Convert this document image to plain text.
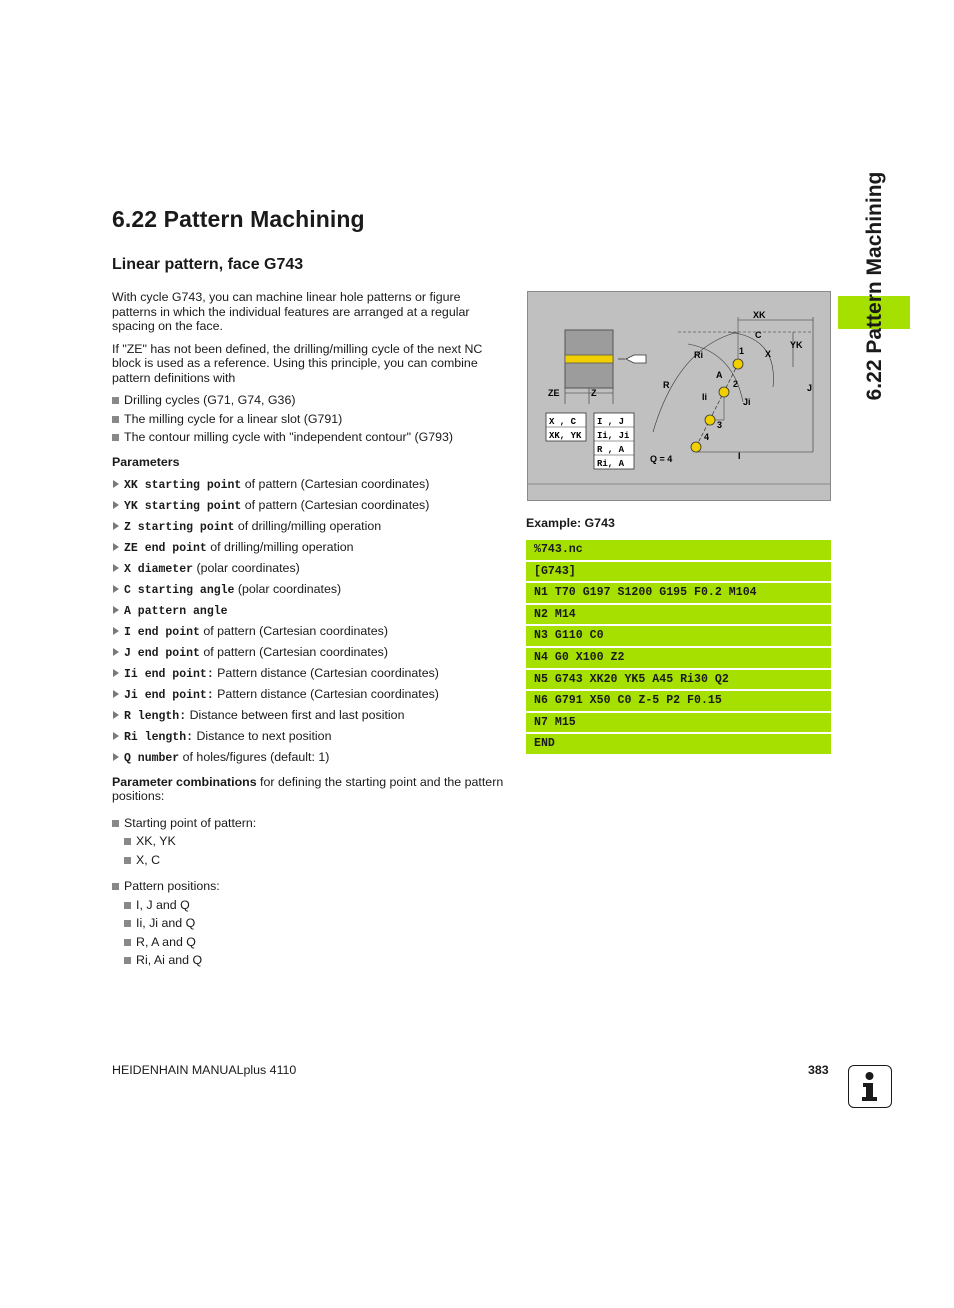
6.22 Pattern Machining
Linear pattern, face G743

With cycle G743, you can machine linear hole patterns or figure patterns in which the individual features are arranged at a regular spacing on the face.

If "ZE" has not been defined, the drilling/milling cycle of the next NC block is used as a reference. Using this principle, you can combine pattern definitions with

Drilling cycles (G71, G74, G36)
The milling cycle for a linear slot (G791)
The contour milling cycle with "independent contour" (G793)
Parameters
XK starting point of pattern (Cartesian coordinates)
YK starting point of pattern (Cartesian coordinates)
Z starting point of drilling/milling operation
ZE end point of drilling/milling operation
X diameter (polar coordinates)
C starting angle (polar coordinates)
A pattern angle
I end point of pattern (Cartesian coordinates)
J end point of pattern (Cartesian coordinates)
Ii end point: Pattern distance (Cartesian coordinates)
Ji end point: Pattern distance (Cartesian coordinates)
R length: Distance between first and last position
Ri length: Distance to next position
Q number of holes/figures (default: 1)

Parameter combinations for defining the starting point and the pattern positions:

Starting point of pattern:
XK, YK
X, C
Pattern positions:
I, J and Q
Ii, Ji and Q
R, A and Q
Ri, Ai and Q
ZE	Z
X , C
XK, YK
I , J
Ii, Ji
R , A
Ri, A
XK
YK
J
C
X
Ri
R
A
Ii	Ji
1
2
3
4
I
Q = 4
Example: G743
%743.nc
[G743]
N1 T70 G197 S1200 G195 F0.2 M104
N2 M14
N3 G110 C0
N4 G0 X100 Z2
N5 G743 XK20 YK5 A45 Ri30 Q2
N6 G791 X50 C0 Z-5 P2 F0.15
N7 M15
END
6.22 Pattern Machining
HEIDENHAIN MANUALplus 4110	383
